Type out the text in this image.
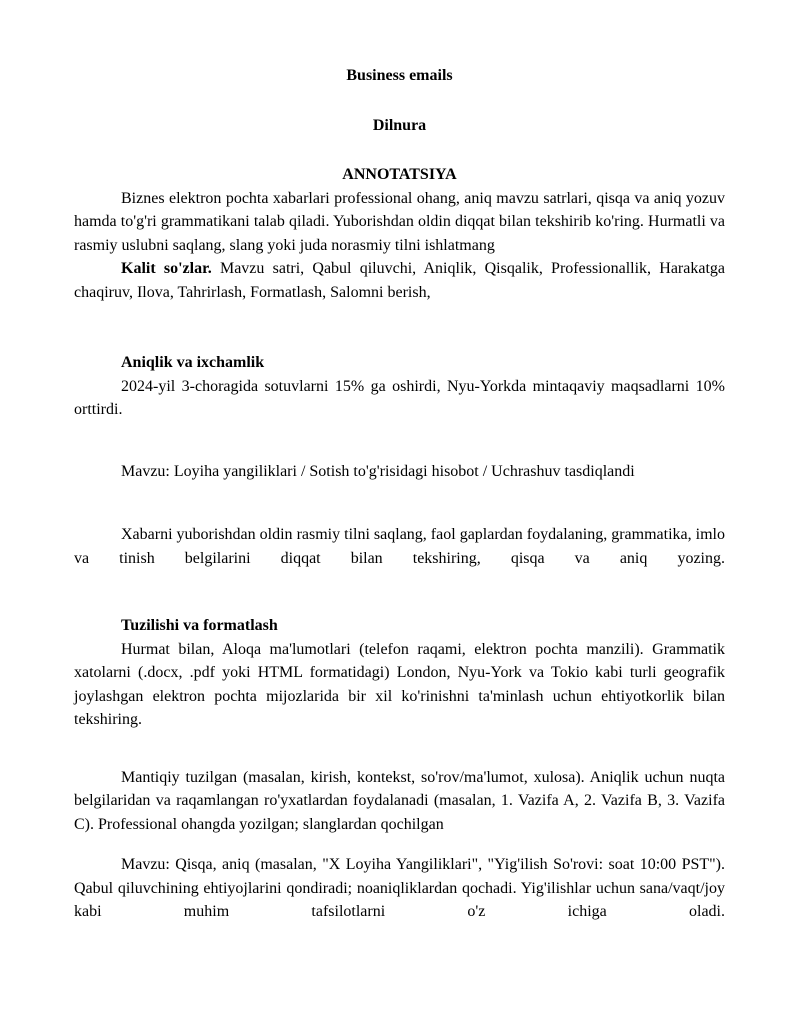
Business emails

Dilnura

ANNOTATSIYA

Biznes elektron pochta xabarlari professional ohang, aniq mavzu satrlari, qisqa va aniq yozuv hamda to'g'ri grammatikani talab qiladi. Yuborishdan oldin diqqat bilan tekshirib ko'ring. Hurmatli va rasmiy uslubni saqlang, slang yoki juda norasmiy tilni ishlatmang

Kalit so'zlar. Mavzu satri, Qabul qiluvchi, Aniqlik, Qisqalik, Professionallik, Harakatga chaqiruv, Ilova, Tahrirlash, Formatlash, Salomni berish,

Aniqlik va ixchamlik

2024-yil 3-choragida sotuvlarni 15% ga oshirdi, Nyu-Yorkda mintaqaviy maqsadlarni 10% orttirdi.

Mavzu: Loyiha yangiliklari / Sotish to'g'risidagi hisobot / Uchrashuv tasdiqlandi

Xabarni yuborishdan oldin rasmiy tilni saqlang, faol gaplardan foydalaning, grammatika, imlo va tinish belgilarini diqqat bilan tekshiring, qisqa va aniq yozing.

Tuzilishi va formatlash

Hurmat bilan, Aloqa ma'lumotlari (telefon raqami, elektron pochta manzili). Grammatik xatolarni (.docx, .pdf yoki HTML formatidagi) London, Nyu-York va Tokio kabi turli geografik joylashgan elektron pochta mijozlarida bir xil ko'rinishni ta'minlash uchun ehtiyotkorlik bilan tekshiring.

Mantiqiy tuzilgan (masalan, kirish, kontekst, so'rov/ma'lumot, xulosa). Aniqlik uchun nuqta belgilaridan va raqamlangan ro'yxatlardan foydalanadi (masalan, 1. Vazifa A, 2. Vazifa B, 3. Vazifa C). Professional ohangda yozilgan; slanglardan qochilgan

Mavzu: Qisqa, aniq (masalan, "X Loyiha Yangiliklari", "Yig'ilish So'rovi: soat 10:00 PST"). Qabul qiluvchining ehtiyojlarini qondiradi; noaniqliklardan qochadi. Yig'ilishlar uchun sana/vaqt/joy kabi muhim tafsilotlarni o'z ichiga oladi.
